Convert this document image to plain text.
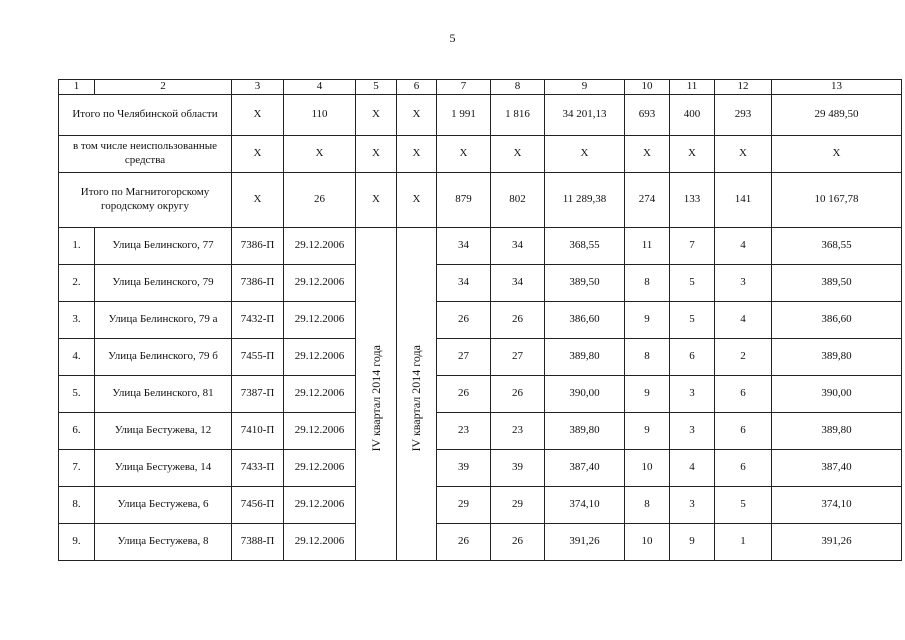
5
1	2	3	4	5	6	7	8	9	10	11	12	13
Итого по Челябинской области		X	110	X	X	1 991	1 816	34 201,13	693	400	293	29 489,50
в том числе неиспользованные средства		X	X	X	X	X	X	X	X	X	X	X
Итого по Магнитогорскому городскому округу		X	26	X	X	879	802	11 289,38	274	133	141	10 167,78
1.	Улица Белинского, 77	7386-П	29.12.2006	IV квартал 2014 года	IV квартал 2014 года	34	34	368,55	11	7	4	368,55
2.	Улица Белинского, 79	7386-П	29.12.2006			34	34	389,50	8	5	3	389,50
3.	Улица Белинского, 79 а	7432-П	29.12.2006			26	26	386,60	9	5	4	386,60
4.	Улица Белинского, 79 б	7455-П	29.12.2006			27	27	389,80	8	6	2	389,80
5.	Улица Белинского, 81	7387-П	29.12.2006			26	26	390,00	9	3	6	390,00
6.	Улица Бестужева, 12	7410-П	29.12.2006			23	23	389,80	9	3	6	389,80
7.	Улица Бестужева, 14	7433-П	29.12.2006			39	39	387,40	10	4	6	387,40
8.	Улица Бестужева, 6	7456-П	29.12.2006			29	29	374,10	8	3	5	374,10
9.	Улица Бестужева, 8	7388-П	29.12.2006			26	26	391,26	10	9	1	391,26
